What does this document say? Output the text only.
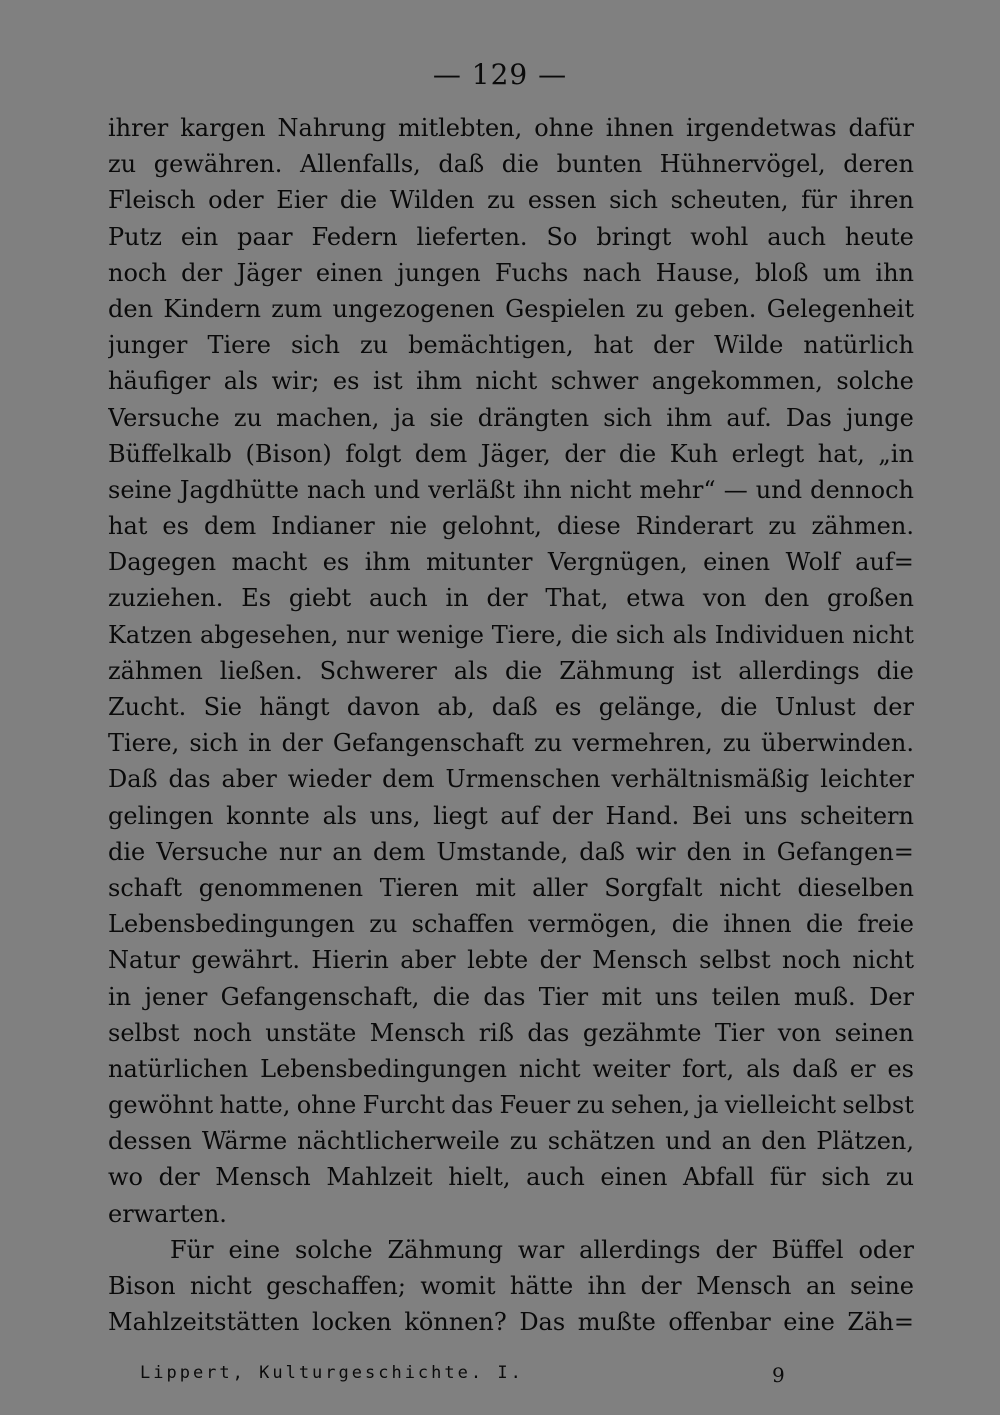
— 129 —
ihrer kargen Nahrung mitlebten, ohne ihnen irgendetwas dafür
zu gewähren. Allenfalls, daß die bunten Hühnervögel, deren
Fleisch oder Eier die Wilden zu essen sich scheuten, für ihren
Putz ein paar Federn lieferten. So bringt wohl auch heute
noch der Jäger einen jungen Fuchs nach Hause, bloß um ihn
den Kindern zum ungezogenen Gespielen zu geben. Gelegenheit
junger Tiere sich zu bemächtigen, hat der Wilde natürlich
häufiger als wir; es ist ihm nicht schwer angekommen, solche
Versuche zu machen, ja sie drängten sich ihm auf. Das junge
Büffelkalb (Bison) folgt dem Jäger, der die Kuh erlegt hat, „in
seine Jagdhütte nach und verläßt ihn nicht mehr“ — und dennoch
hat es dem Indianer nie gelohnt, diese Rinderart zu zähmen.
Dagegen macht es ihm mitunter Vergnügen, einen Wolf auf=
zuziehen. Es giebt auch in der That, etwa von den großen
Katzen abgesehen, nur wenige Tiere, die sich als Individuen nicht
zähmen ließen. Schwerer als die Zähmung ist allerdings die
Zucht. Sie hängt davon ab, daß es gelänge, die Unlust der
Tiere, sich in der Gefangenschaft zu vermehren, zu überwinden.
Daß das aber wieder dem Urmenschen verhältnismäßig leichter
gelingen konnte als uns, liegt auf der Hand. Bei uns scheitern
die Versuche nur an dem Umstande, daß wir den in Gefangen=
schaft genommenen Tieren mit aller Sorgfalt nicht dieselben
Lebensbedingungen zu schaffen vermögen, die ihnen die freie
Natur gewährt. Hierin aber lebte der Mensch selbst noch nicht
in jener Gefangenschaft, die das Tier mit uns teilen muß. Der
selbst noch unstäte Mensch riß das gezähmte Tier von seinen
natürlichen Lebensbedingungen nicht weiter fort, als daß er es
gewöhnt hatte, ohne Furcht das Feuer zu sehen, ja vielleicht selbst
dessen Wärme nächtlicherweile zu schätzen und an den Plätzen,
wo der Mensch Mahlzeit hielt, auch einen Abfall für sich zu
erwarten.
Für eine solche Zähmung war allerdings der Büffel oder
Bison nicht geschaffen; womit hätte ihn der Mensch an seine
Mahlzeitstätten locken können? Das mußte offenbar eine Zäh=
Lippert, Kulturgeschichte. I.	9
